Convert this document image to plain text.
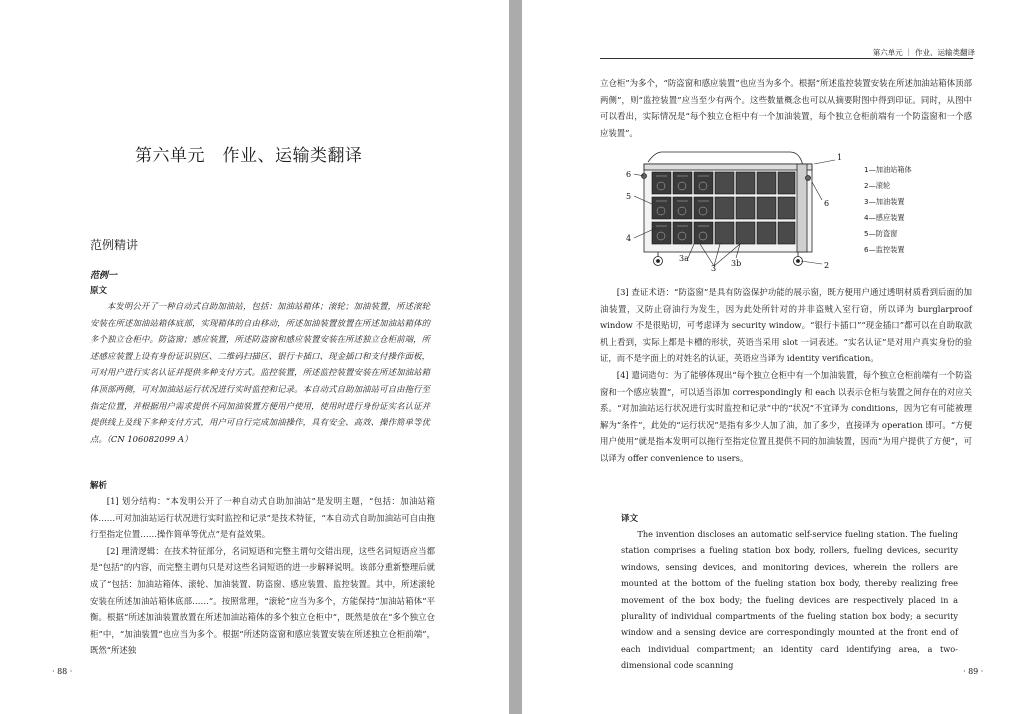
第六单元　作业、运输类翻译
范例精讲
范例一
原文

本发明公开了一种自动式自助加油站，包括：加油站箱体；滚轮；加油装置，所述滚轮安装在所述加油站箱体底部，实现箱体的自由移动，所述加油装置放置在所述加油站箱体的多个独立仓柜中。防盗窗；感应装置，所述防盗窗和感应装置安装在所述独立仓柜前端，所述感应装置上设有身份证识别区、二维码扫描区、银行卡插口、现金插口和支付操作面板，可对用户进行实名认证并提供多种支付方式。监控装置，所述监控装置安装在所述加油站箱体顶部两侧，可对加油站运行状况进行实时监控和记录。本自动式自助加油站可自由拖行至指定位置，并根据用户需求提供不同加油装置方便用户使用，使用时进行身份证实名认证并提供线上及线下多种支付方式，用户可自行完成加油操作，具有安全、高效、操作简单等优点。（CN 106082099 A）

解析

[1] 划分结构：“本发明公开了一种自动式自助加油站”是发明主题，“包括：加油站箱体……可对加油站运行状况进行实时监控和记录”是技术特征，“本自动式自助加油站可自由拖行至指定位置……操作简单等优点”是有益效果。

[2] 理清逻辑：在技术特征部分，名词短语和完整主谓句交错出现，这些名词短语应当都是“包括”的内容，而完整主谓句只是对这些名词短语的进一步解释说明。该部分重新整理后就成了“包括：加油站箱体、滚轮、加油装置、防盗窗、感应装置、监控装置。其中，所述滚轮安装在所述加油站箱体底部……”。按照常理，“滚轮”应当为多个，方能保持“加油站箱体”平衡。根据“所述加油装置放置在所述加油站箱体的多个独立仓柜中”，既然是放在“多个独立仓柜”中，“加油装置”也应当为多个。根据“所述防盗窗和感应装置安装在所述独立仓柜前端”，既然“所述独

· 88 ·
第六单元 ｜ 作业、运输类翻译

立仓柜”为多个，“防盗窗和感应装置”也应当为多个。根据“所述监控装置安装在所述加油站箱体顶部两侧”，则“监控装置”应当至少有两个。这些数量概念也可以从摘要附图中得到印证。同时，从图中可以看出，实际情况是“每个独立仓柜中有一个加油装置，每个独立仓柜前端有一个防盗窗和一个感应装置”。

1
2
3
3a
3b
4
5
6
6
1—加油站箱体
2—滚轮
3—加油装置
4—感应装置
5—防盗窗
6—监控装置

[3] 查证术语：“防盗窗”是具有防盗保护功能的展示窗，既方便用户通过透明材质看到后面的加油装置，又防止窃油行为发生，因为此处所针对的并非盗贼入室行窃，所以译为 burglarproof window 不是很贴切，可考虑译为 security window。“银行卡插口”“现金插口”都可以在自助取款机上看到，实际上都是卡槽的形状，英语当采用 slot 一词表述。“实名认证”是对用户真实身份的验证，而不是字面上的对姓名的认证，英语应当译为 identity verification。

[4] 遣词造句：为了能够体现出“每个独立仓柜中有一个加油装置，每个独立仓柜前端有一个防盗窗和一个感应装置”，可以适当添加 correspondingly 和 each 以表示仓柜与装置之间存在的对应关系。“对加油站运行状况进行实时监控和记录”中的“状况”不宜译为 conditions，因为它有可能被理解为“条件”，此处的“运行状况”是指有多少人加了油，加了多少，直接译为 operation 即可。“方便用户使用”就是指本发明可以拖行至指定位置且提供不同的加油装置，因而“为用户提供了方便”，可以译为 offer convenience to users。

译文

The invention discloses an automatic self-service fueling station. The fueling station comprises a fueling station box body, rollers, fueling devices, security windows, sensing devices, and monitoring devices, wherein the rollers are mounted at the bottom of the fueling station box body, thereby realizing free movement of the box body; the fueling devices are respectively placed in a plurality of individual compartments of the fueling station box body; a security window and a sensing device are correspondingly mounted at the front end of each individual compartment; an identity card identifying area, a two-dimensional code scanning

· 89 ·
